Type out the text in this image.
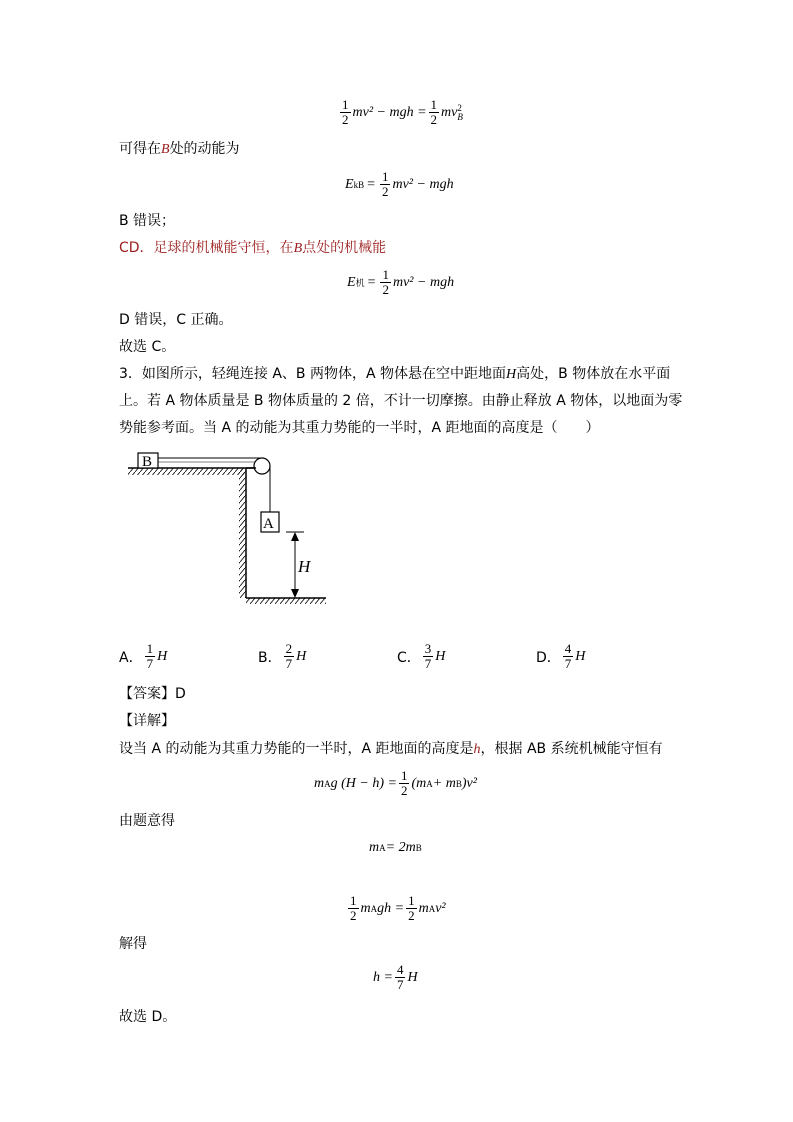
$\frac{1}{2} mv^2$ − mgh = $\frac{1}{2}$ mv 2
B
可得在B处的动能为
E kB = $\frac{1}{2} mv^2$ − mgh
B 错误；
CD．足球的机械能守恒，在B点处的机械能
E 机 = $\frac{1}{2} mv^2$ − mgh
D 错误，C 正确。
故选 C。
3．如图所示，轻绳连接 A、B 两物体，A 物体悬在空中距地面H高处，B 物体放在水平面
上。若 A 物体质量是 B 物体质量的 2 倍，不计一切摩擦。由静止释放 A 物体，以地面为零
势能参考面。当 A 的动能为其重力势能的一半时，A 距地面的高度是（　　）
B
A
H
A． $\frac{1}{7}$ H	B． $\frac{2}{7}$ H	C． $\frac{3}{7}$ H	D． $\frac{4}{7}$ H
【答案】D
【详解】
设当 A 的动能为其重力势能的一半时，A 距地面的高度是h，根据 AB 系统机械能守恒有
m A g $(H - h) = \frac{1}{2} (m$ A + m B )v²
由题意得
m A = 2m B
$\frac{1}{2}$ m A gh = $\frac{1}{2}$ m A v²
解得
$h = \frac{4}{7}$ H
故选 D。
